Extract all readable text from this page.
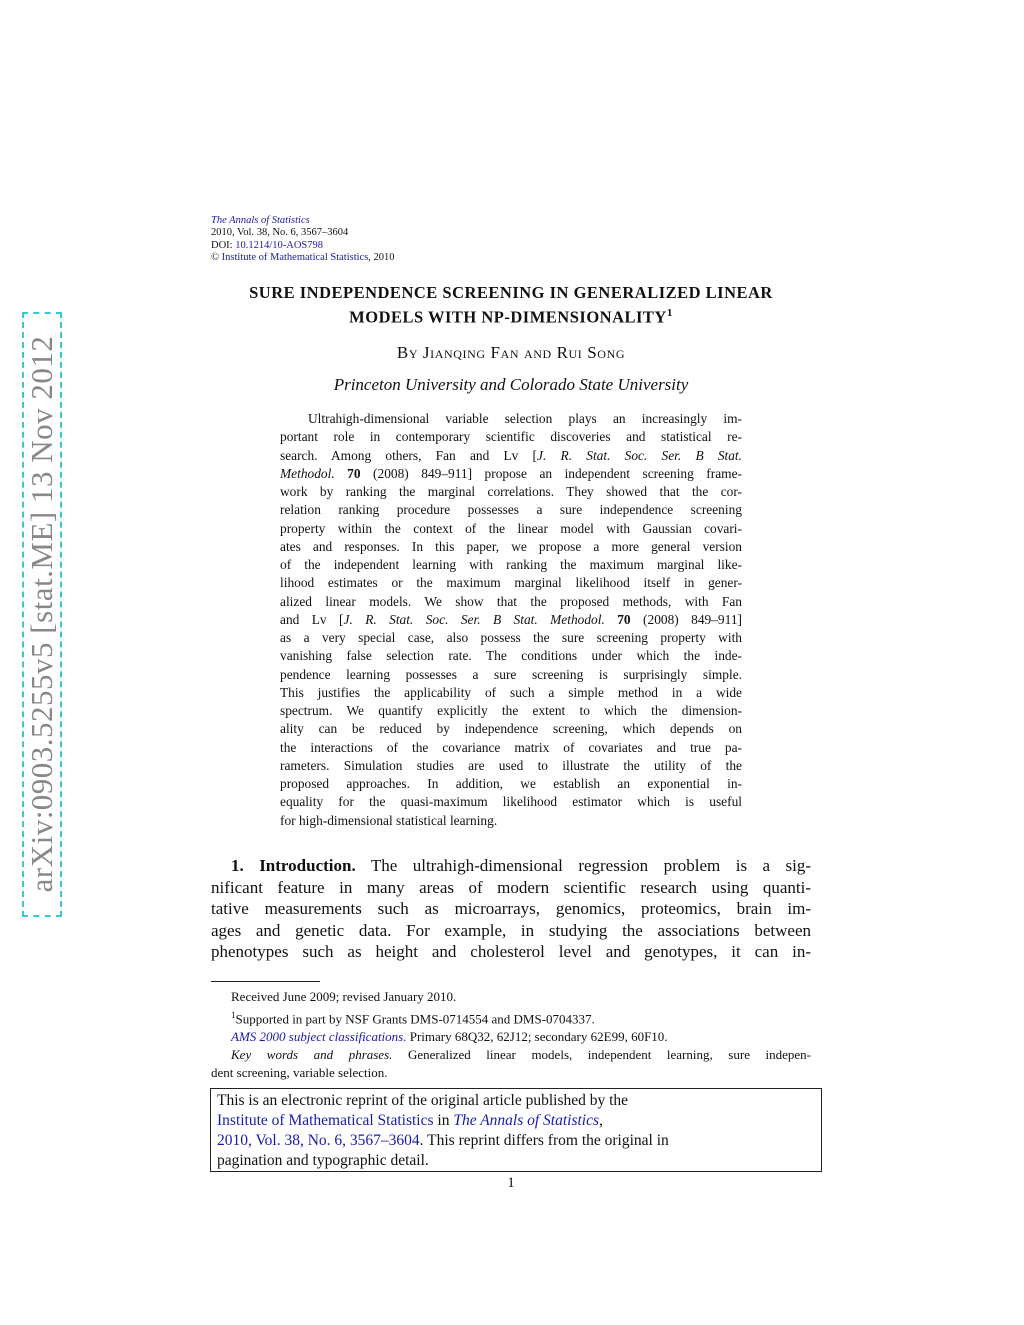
arXiv:0903.5255v5 [stat.ME] 13 Nov 2012
The Annals of Statistics
2010, Vol. 38, No. 6, 3567–3604
DOI: 10.1214/10-AOS798
© Institute of Mathematical Statistics, 2010
SURE INDEPENDENCE SCREENING IN GENERALIZED LINEAR
MODELS WITH NP-DIMENSIONALITY$^1$
By Jianqing Fan and Rui Song
Princeton University and Colorado State University
Ultrahigh-dimensional variable selection plays an increasingly im-
portant role in contemporary scientific discoveries and statistical re-
search. Among others, Fan and Lv [J. R. Stat. Soc. Ser. B Stat.
Methodol. 70 (2008) 849–911] propose an independent screening frame-
work by ranking the marginal correlations. They showed that the cor-
relation ranking procedure possesses a sure independence screening
property within the context of the linear model with Gaussian covari-
ates and responses. In this paper, we propose a more general version
of the independent learning with ranking the maximum marginal like-
lihood estimates or the maximum marginal likelihood itself in gener-
alized linear models. We show that the proposed methods, with Fan
and Lv [J. R. Stat. Soc. Ser. B Stat. Methodol. 70 (2008) 849–911]
as a very special case, also possess the sure screening property with
vanishing false selection rate. The conditions under which the inde-
pendence learning possesses a sure screening is surprisingly simple.
This justifies the applicability of such a simple method in a wide
spectrum. We quantify explicitly the extent to which the dimension-
ality can be reduced by independence screening, which depends on
the interactions of the covariance matrix of covariates and true pa-
rameters. Simulation studies are used to illustrate the utility of the
proposed approaches. In addition, we establish an exponential in-
equality for the quasi-maximum likelihood estimator which is useful
for high-dimensional statistical learning.
1. Introduction. The ultrahigh-dimensional regression problem is a sig-
nificant feature in many areas of modern scientific research using quanti-
tative measurements such as microarrays, genomics, proteomics, brain im-
ages and genetic data. For example, in studying the associations between
phenotypes such as height and cholesterol level and genotypes, it can in-
Received June 2009; revised January 2010.
$^1$Supported in part by NSF Grants DMS-0714554 and DMS-0704337.
AMS 2000 subject classifications. Primary 68Q32, 62J12; secondary 62E99, 60F10.
Key words and phrases. Generalized linear models, independent learning, sure indepen-
dent screening, variable selection.
This is an electronic reprint of the original article published by the
Institute of Mathematical Statistics in The Annals of Statistics,
2010, Vol. 38, No. 6, 3567–3604. This reprint differs from the original in
pagination and typographic detail.
1
